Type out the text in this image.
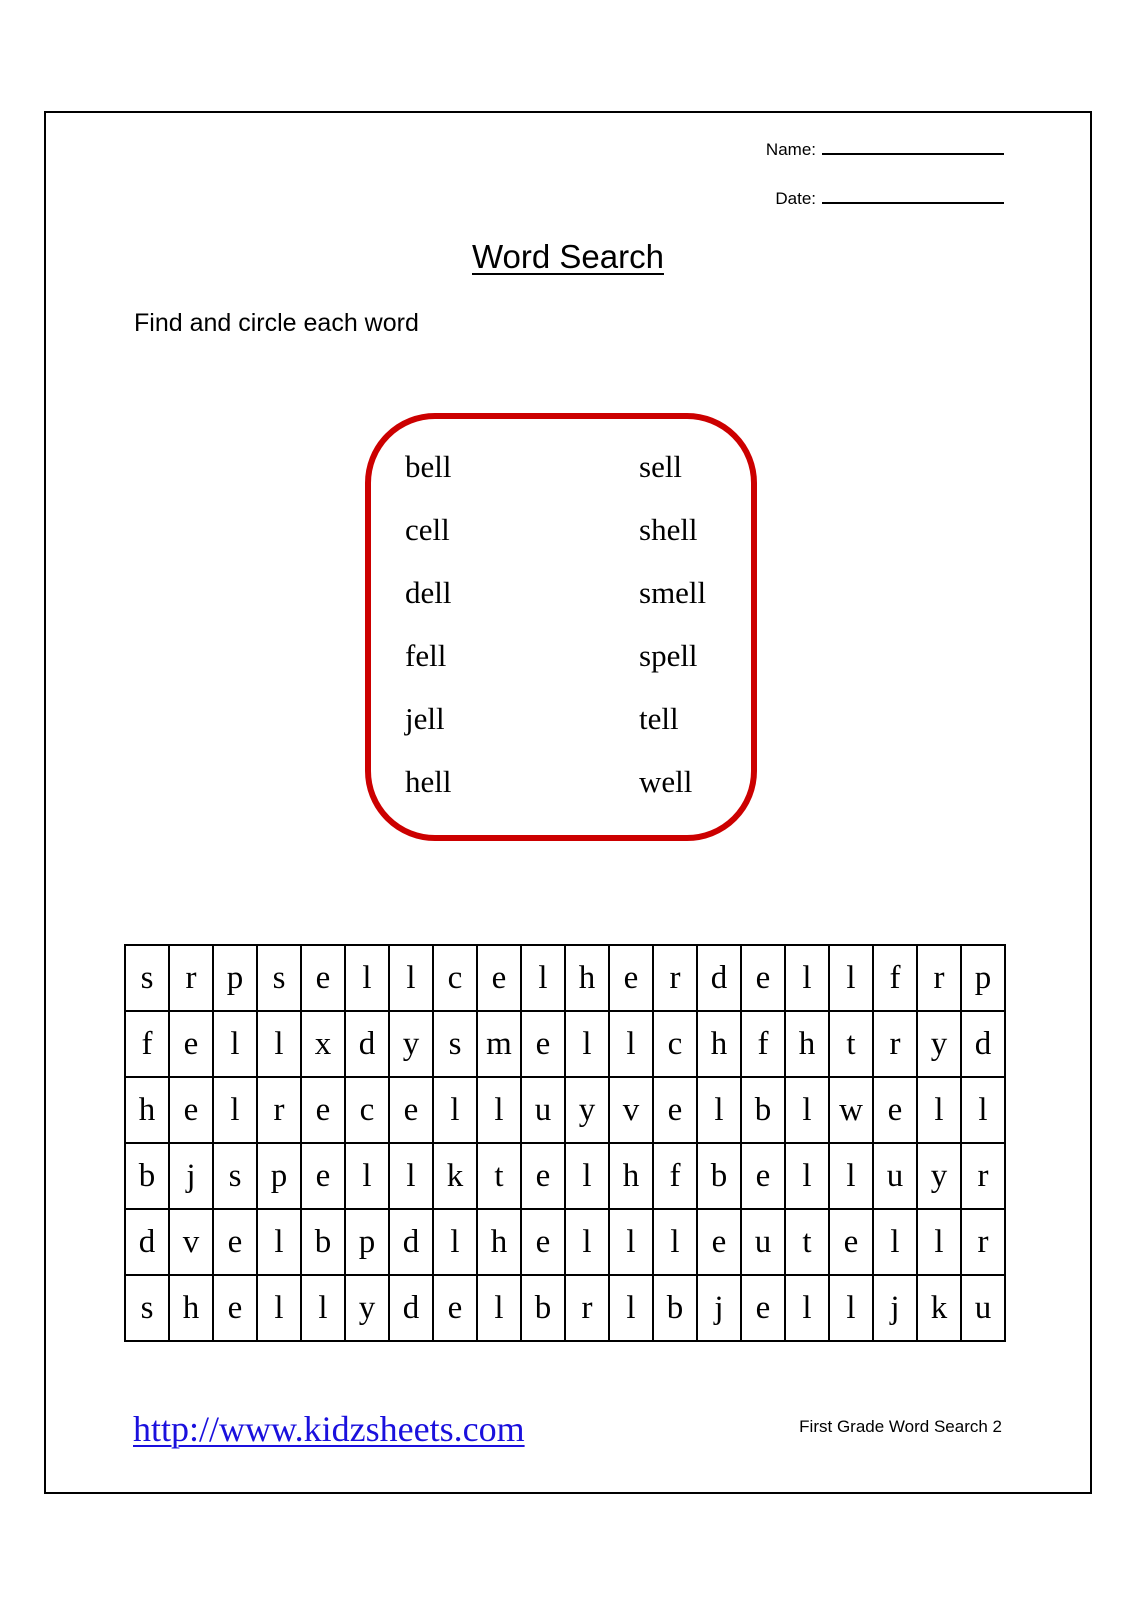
Name:
Date:
Word Search
Find and circle each word
bell
cell
dell
fell
jell
hell
sell
shell
smell
spell
tell
well
s	r	p	s	e	l	l	c	e	l	h	e	r	d	e	l	l	f	r	p
f	e	l	l	x	d	y	s	m	e	l	l	c	h	f	h	t	r	y	d
h	e	l	r	e	c	e	l	l	u	y	v	e	l	b	l	w	e	l	l
b	j	s	p	e	l	l	k	t	e	l	h	f	b	e	l	l	u	y	r
d	v	e	l	b	p	d	l	h	e	l	l	l	e	u	t	e	l	l	r
s	h	e	l	l	y	d	e	l	b	r	l	b	j	e	l	l	j	k	u
http://www.kidzsheets.com	First Grade Word Search 2
